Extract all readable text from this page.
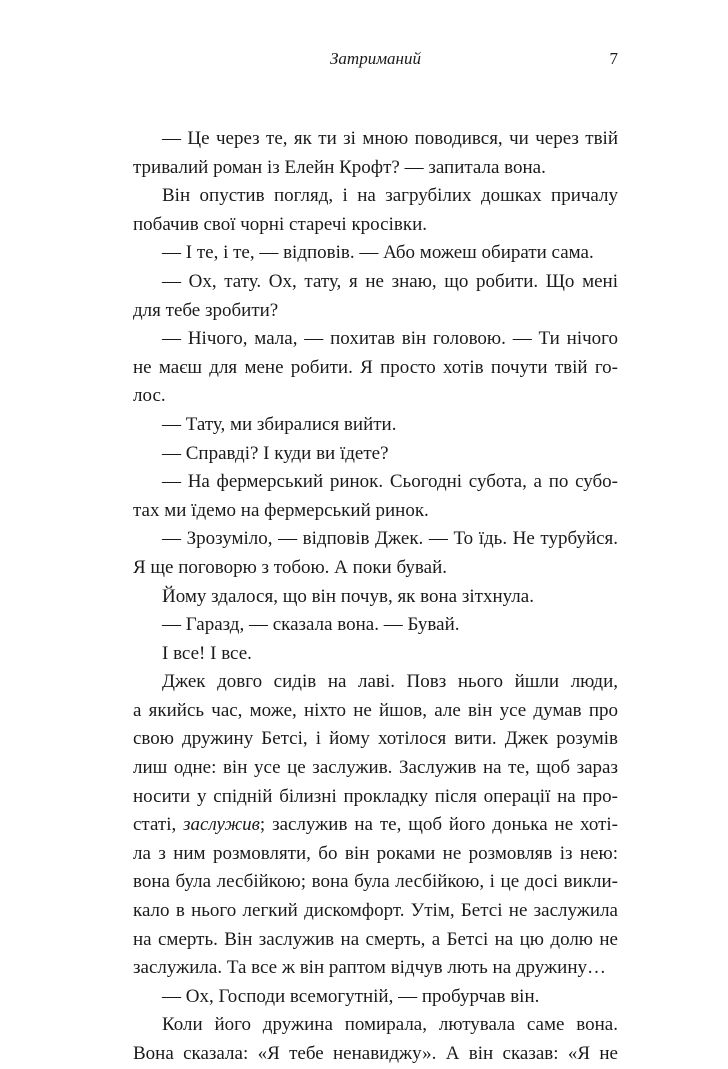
Затриманий	7
— Це через те, як ти зі мною поводився, чи через твій
тривалий роман із Елейн Крофт? — запитала вона.
Він опустив погляд, і на загрубілих дошках причалу
побачив свої чорні старечі кросівки.
— І те, і те, — відповів. — Або можеш обирати сама.
— Ох, тату. Ох, тату, я не знаю, що робити. Що мені
для тебе зробити?
— Нічого, мала, — похитав він головою. — Ти нічого
не маєш для мене робити. Я просто хотів почути твій го-
лос.
— Тату, ми збиралися вийти.
— Справді? І куди ви їдете?
— На фермерський ринок. Сьогодні субота, а по субо-
тах ми їдемо на фермерський ринок.
— Зрозуміло, — відповів Джек. — То їдь. Не турбуйся.
Я ще поговорю з тобою. А поки бувай.
Йому здалося, що він почув, як вона зітхнула.
— Гаразд, — сказала вона. — Бувай.
І все! І все.
Джек довго сидів на лаві. Повз нього йшли люди,
а якийсь час, може, ніхто не йшов, але він усе думав про
свою дружину Бетсі, і йому хотілося вити. Джек розумів
лиш одне: він усе це заслужив. Заслужив на те, щоб зараз
носити у спідній білизні прокладку після операції на про-
статі, заслужив; заслужив на те, щоб його донька не хотi-
ла з ним розмовляти, бо він роками не розмовляв із нею:
вона була лесбійкою; вона була лесбійкою, і це досі викли-
кало в нього легкий дискомфорт. Утім, Бетсі не заслужила
на смерть. Він заслужив на смерть, а Бетсі на цю долю не
заслужила. Та все ж він раптом відчув лють на дружину…
— Ох, Господи всемогутній, — пробурчав він.
Коли його дружина помирала, лютувала саме вона.
Вона сказала: «Я тебе ненавиджу». А він сказав: «Я не
